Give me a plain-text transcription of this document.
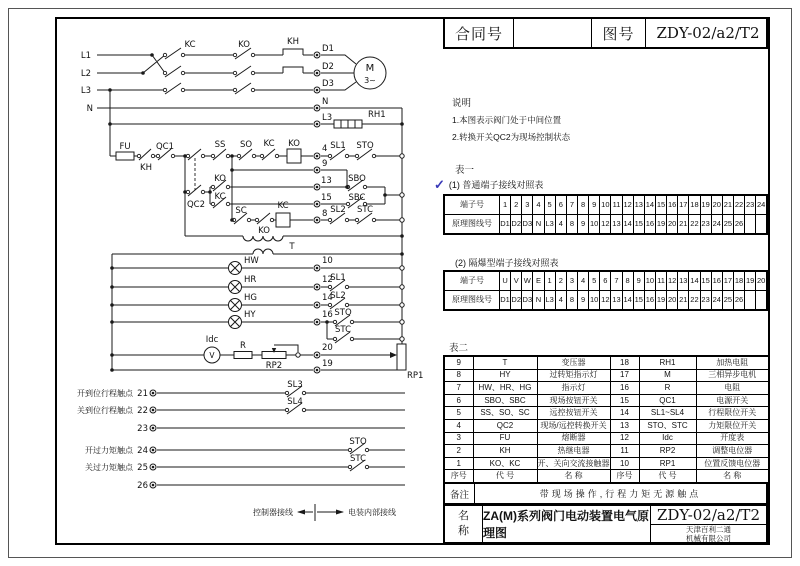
L1
L2
L3
N
KC	KO	KH
D1
D2
D3
N
M
3~
L3	RH1
FU
KH
QC1
QC2
SS SO KC KO	4
9
13
15
8
KO
KC
SC
KO
KC
SBO
SBC
SL1 STO
SL2 STC
T
HW
HR
HG
HY
10
12
14
16
SL1
SL2
STO
STC
Idc
V
R
RP2
20
19
RP1
SL3
SL4
STO
STC
开到位行程触点
关到位行程触点
开过力矩触点
关过力矩触点
21
22
23
24
25
26
控制器接线	电装内部接线
合同号	图号	ZDY-02/a2/T2
说明
1.本图表示阀门处于中间位置
2.转换开关QC2为现场控制状态
表一
✓ (1) 普通端子接线对照表
端子号	1	2	3	4	5	6	7	8	9	10	11	12	13	14	15	16	17	18	19	20	21	22	23	24
原理图线号	D1	D2	D3	N	L3	4	8	9	10	12	13	14	15	16	19	20	21	22	23	24	25	26		
(2) 隔爆型端子接线对照表
端子号	U	V	W	E	1	2	3	4	5	6	7	8	9	10	11	12	13	14	15	16	17	18	19	20
原理图线号	D1	D2	D3	N	L3	4	8	9	10	12	13	14	15	16	19	20	21	22	23	24	25	26		
表二
9	T	变压器	18	RH1	加热电阻
8	HY	过转矩指示灯	17	M	三相异步电机
7	HW、HR、HG	指示灯	16	R	电阻
6	SBO、SBC	现场按钮开关	15	QC1	电源开关
5	SS、SO、SC	远控按钮开关	14	SL1~SL4	行程限位开关
4	QC2	现场/远控转换开关	13	STO、STC	力矩限位开关
3	FU	熔断器	12	Idc	开度表
2	KH	热继电器	11	RP2	调整电位器
1	KO、KC	开、关向交流接触器	10	RP1	位置反馈电位器
序号	代 号	名 称	序号	代 号	名 称
备注	带现场操作,行程力矩无源触点
名称
ZA(M)系列阀门电动装置电气原理图
ZDY-02/a2/T2
天津百利二通
机械有限公司
